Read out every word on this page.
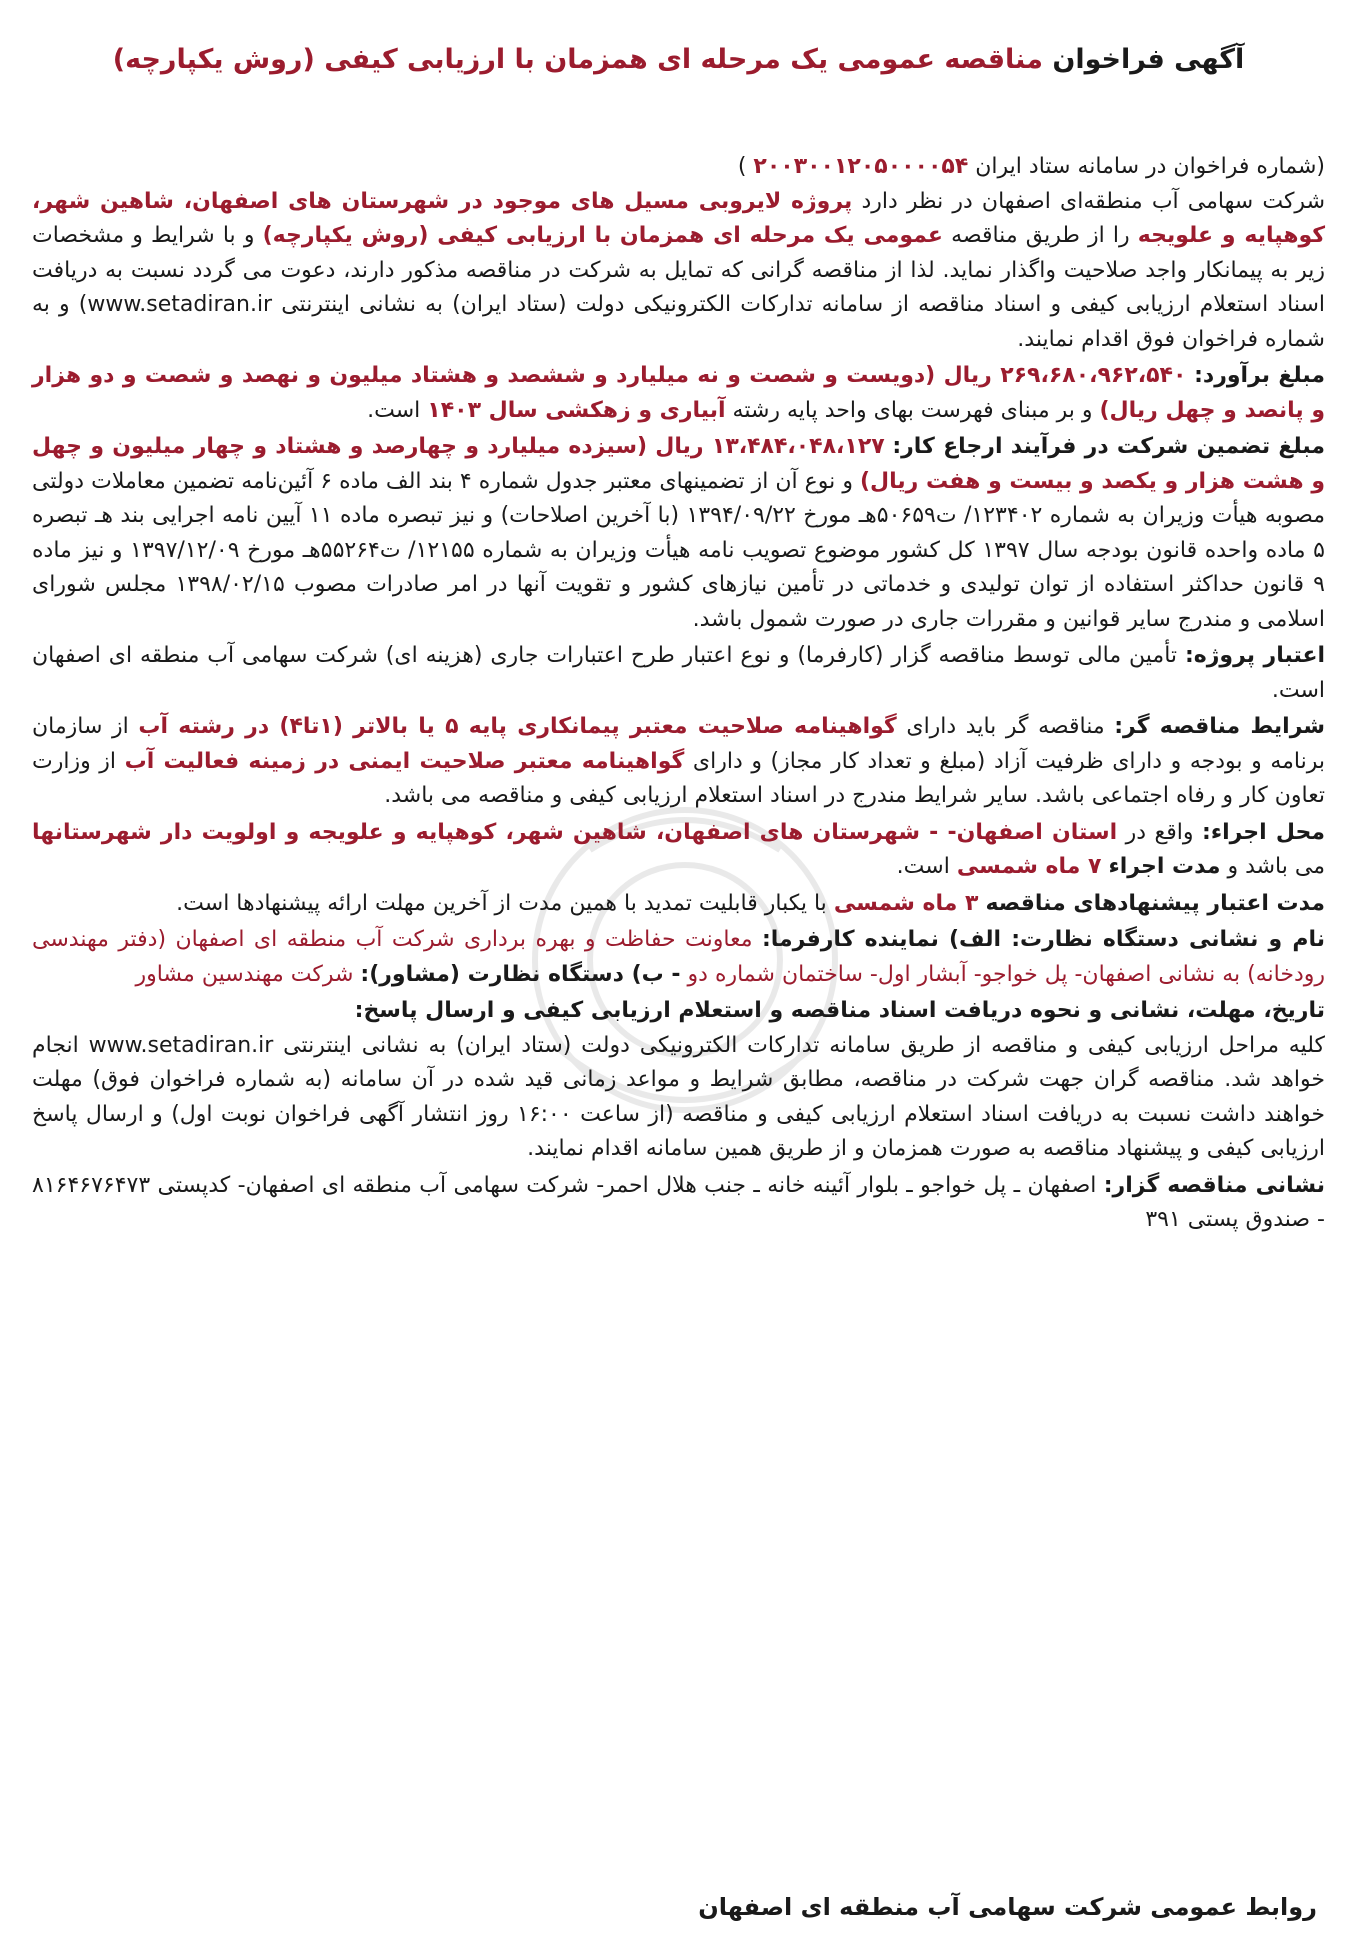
آگهی فراخوان مناقصه عمومی یک مرحله ای همزمان با ارزیابی کیفی (روش یکپارچه)

(شماره فراخوان در سامانه ستاد ایران ۲۰۰۳۰۰۱۲۰۵۰۰۰۰۵۴ )

شرکت سهامی آب منطقه‌ای اصفهان در نظر دارد پروژه لایروبی مسیل های موجود در شهرستان های اصفهان، شاهین شهر، کوهپایه و علویجه را از طریق مناقصه عمومی یک مرحله ای همزمان با ارزیابی کیفی (روش یکپارچه) و با شرایط و مشخصات زیر به پیمانکار واجد صلاحیت واگذار نماید. لذا از مناقصه گرانی که تمایل به شرکت در مناقصه مذکور دارند، دعوت می گردد نسبت به دریافت اسناد استعلام ارزیابی کیفی و اسناد مناقصه از سامانه تدارکات الکترونیکی دولت (ستاد ایران) به نشانی اینترنتی (www.setadiran.ir و به شماره فراخوان فوق اقدام نمایند.

مبلغ برآورد: ۲۶۹،۶۸۰،۹۶۲،۵۴۰ ریال (دویست و شصت و نه میلیارد و ششصد و هشتاد میلیون و نهصد و شصت و دو هزار و پانصد و چهل ریال) و بر مبنای فهرست بهای واحد پایه رشته آبیاری و زهکشی سال ۱۴۰۳ است.

مبلغ تضمین شرکت در فرآیند ارجاع کار: ۱۳،۴۸۴،۰۴۸،۱۲۷ ریال (سیزده میلیارد و چهارصد و هشتاد و چهار میلیون و چهل و هشت هزار و یکصد و بیست و هفت ریال) و نوع آن از تضمینهای معتبر جدول شماره ۴ بند الف ماده ۶ آئین‌نامه تضمین معاملات دولتی مصوبه هیأت وزیران به شماره ۱۲۳۴۰۲/ ت۵۰۶۵۹هـ مورخ ۱۳۹۴/۰۹/۲۲ (با آخرین اصلاحات) و نیز تبصره ماده ۱۱ آیین نامه اجرایی بند هـ تبصره ۵ ماده واحده قانون بودجه سال ۱۳۹۷ کل کشور موضوع تصویب نامه هیأت وزیران به شماره ۱۲۱۵۵/ ت۵۵۲۶۴هـ مورخ ۱۳۹۷/۱۲/۰۹ و نیز ماده ۹ قانون حداکثر استفاده از توان تولیدی و خدماتی در تأمین نیازهای کشور و تقویت آنها در امر صادرات مصوب ۱۳۹۸/۰۲/۱۵ مجلس شورای اسلامی و مندرج سایر قوانین و مقررات جاری در صورت شمول باشد.

اعتبار پروژه: تأمین مالی توسط مناقصه گزار (کارفرما) و نوع اعتبار طرح اعتبارات جاری (هزینه ای) شرکت سهامی آب منطقه ای اصفهان است.

شرایط مناقصه گر: مناقصه گر باید دارای گواهینامه صلاحیت معتبر پیمانکاری پایه ۵ یا بالاتر (۱تا۴) در رشته آب از سازمان برنامه و بودجه و دارای ظرفیت آزاد (مبلغ و تعداد کار مجاز) و دارای گواهینامه معتبر صلاحیت ایمنی در زمینه فعالیت آب از وزارت تعاون کار و رفاه اجتماعی باشد. سایر شرایط مندرج در اسناد استعلام ارزیابی کیفی و مناقصه می باشد.

محل اجراء: واقع در استان اصفهان- - شهرستان های اصفهان، شاهین شهر، کوهپایه و علویجه و اولویت دار شهرستانها می باشد و مدت اجراء ۷ ماه شمسی است.

مدت اعتبار پیشنهادهای مناقصه ۳ ماه شمسی با یکبار قابلیت تمدید با همین مدت از آخرین مهلت ارائه پیشنهادها است.

نام و نشانی دستگاه نظارت: الف) نماینده کارفرما: معاونت حفاظت و بهره برداری شرکت آب منطقه ای اصفهان (دفتر مهندسی رودخانه) به نشانی اصفهان- پل خواجو- آبشار اول- ساختمان شماره دو - ب) دستگاه نظارت (مشاور): شرکت مهندسین مشاور

تاریخ، مهلت، نشانی و نحوه دریافت اسناد مناقصه و استعلام ارزیابی کیفی و ارسال پاسخ:
کلیه مراحل ارزیابی کیفی و مناقصه از طریق سامانه تدارکات الکترونیکی دولت (ستاد ایران) به نشانی اینترنتی www.setadiran.ir انجام خواهد شد. مناقصه گران جهت شرکت در مناقصه، مطابق شرایط و مواعد زمانی قید شده در آن سامانه (به شماره فراخوان فوق) مهلت خواهند داشت نسبت به دریافت اسناد استعلام ارزیابی کیفی و مناقصه (از ساعت ۱۶:۰۰ روز انتشار آگهی فراخوان نوبت اول) و ارسال پاسخ ارزیابی کیفی و پیشنهاد مناقصه به صورت همزمان و از طریق همین سامانه اقدام نمایند.

نشانی مناقصه گزار: اصفهان ـ پل خواجو ـ بلوار آئینه خانه ـ جنب هلال احمر- شرکت سهامی آب منطقه ای اصفهان- کدپستی ۸۱۶۴۶۷۶۴۷۳ - صندوق پستی ۳۹۱

روابط عمومی شرکت سهامی آب منطقه ای اصفهان
